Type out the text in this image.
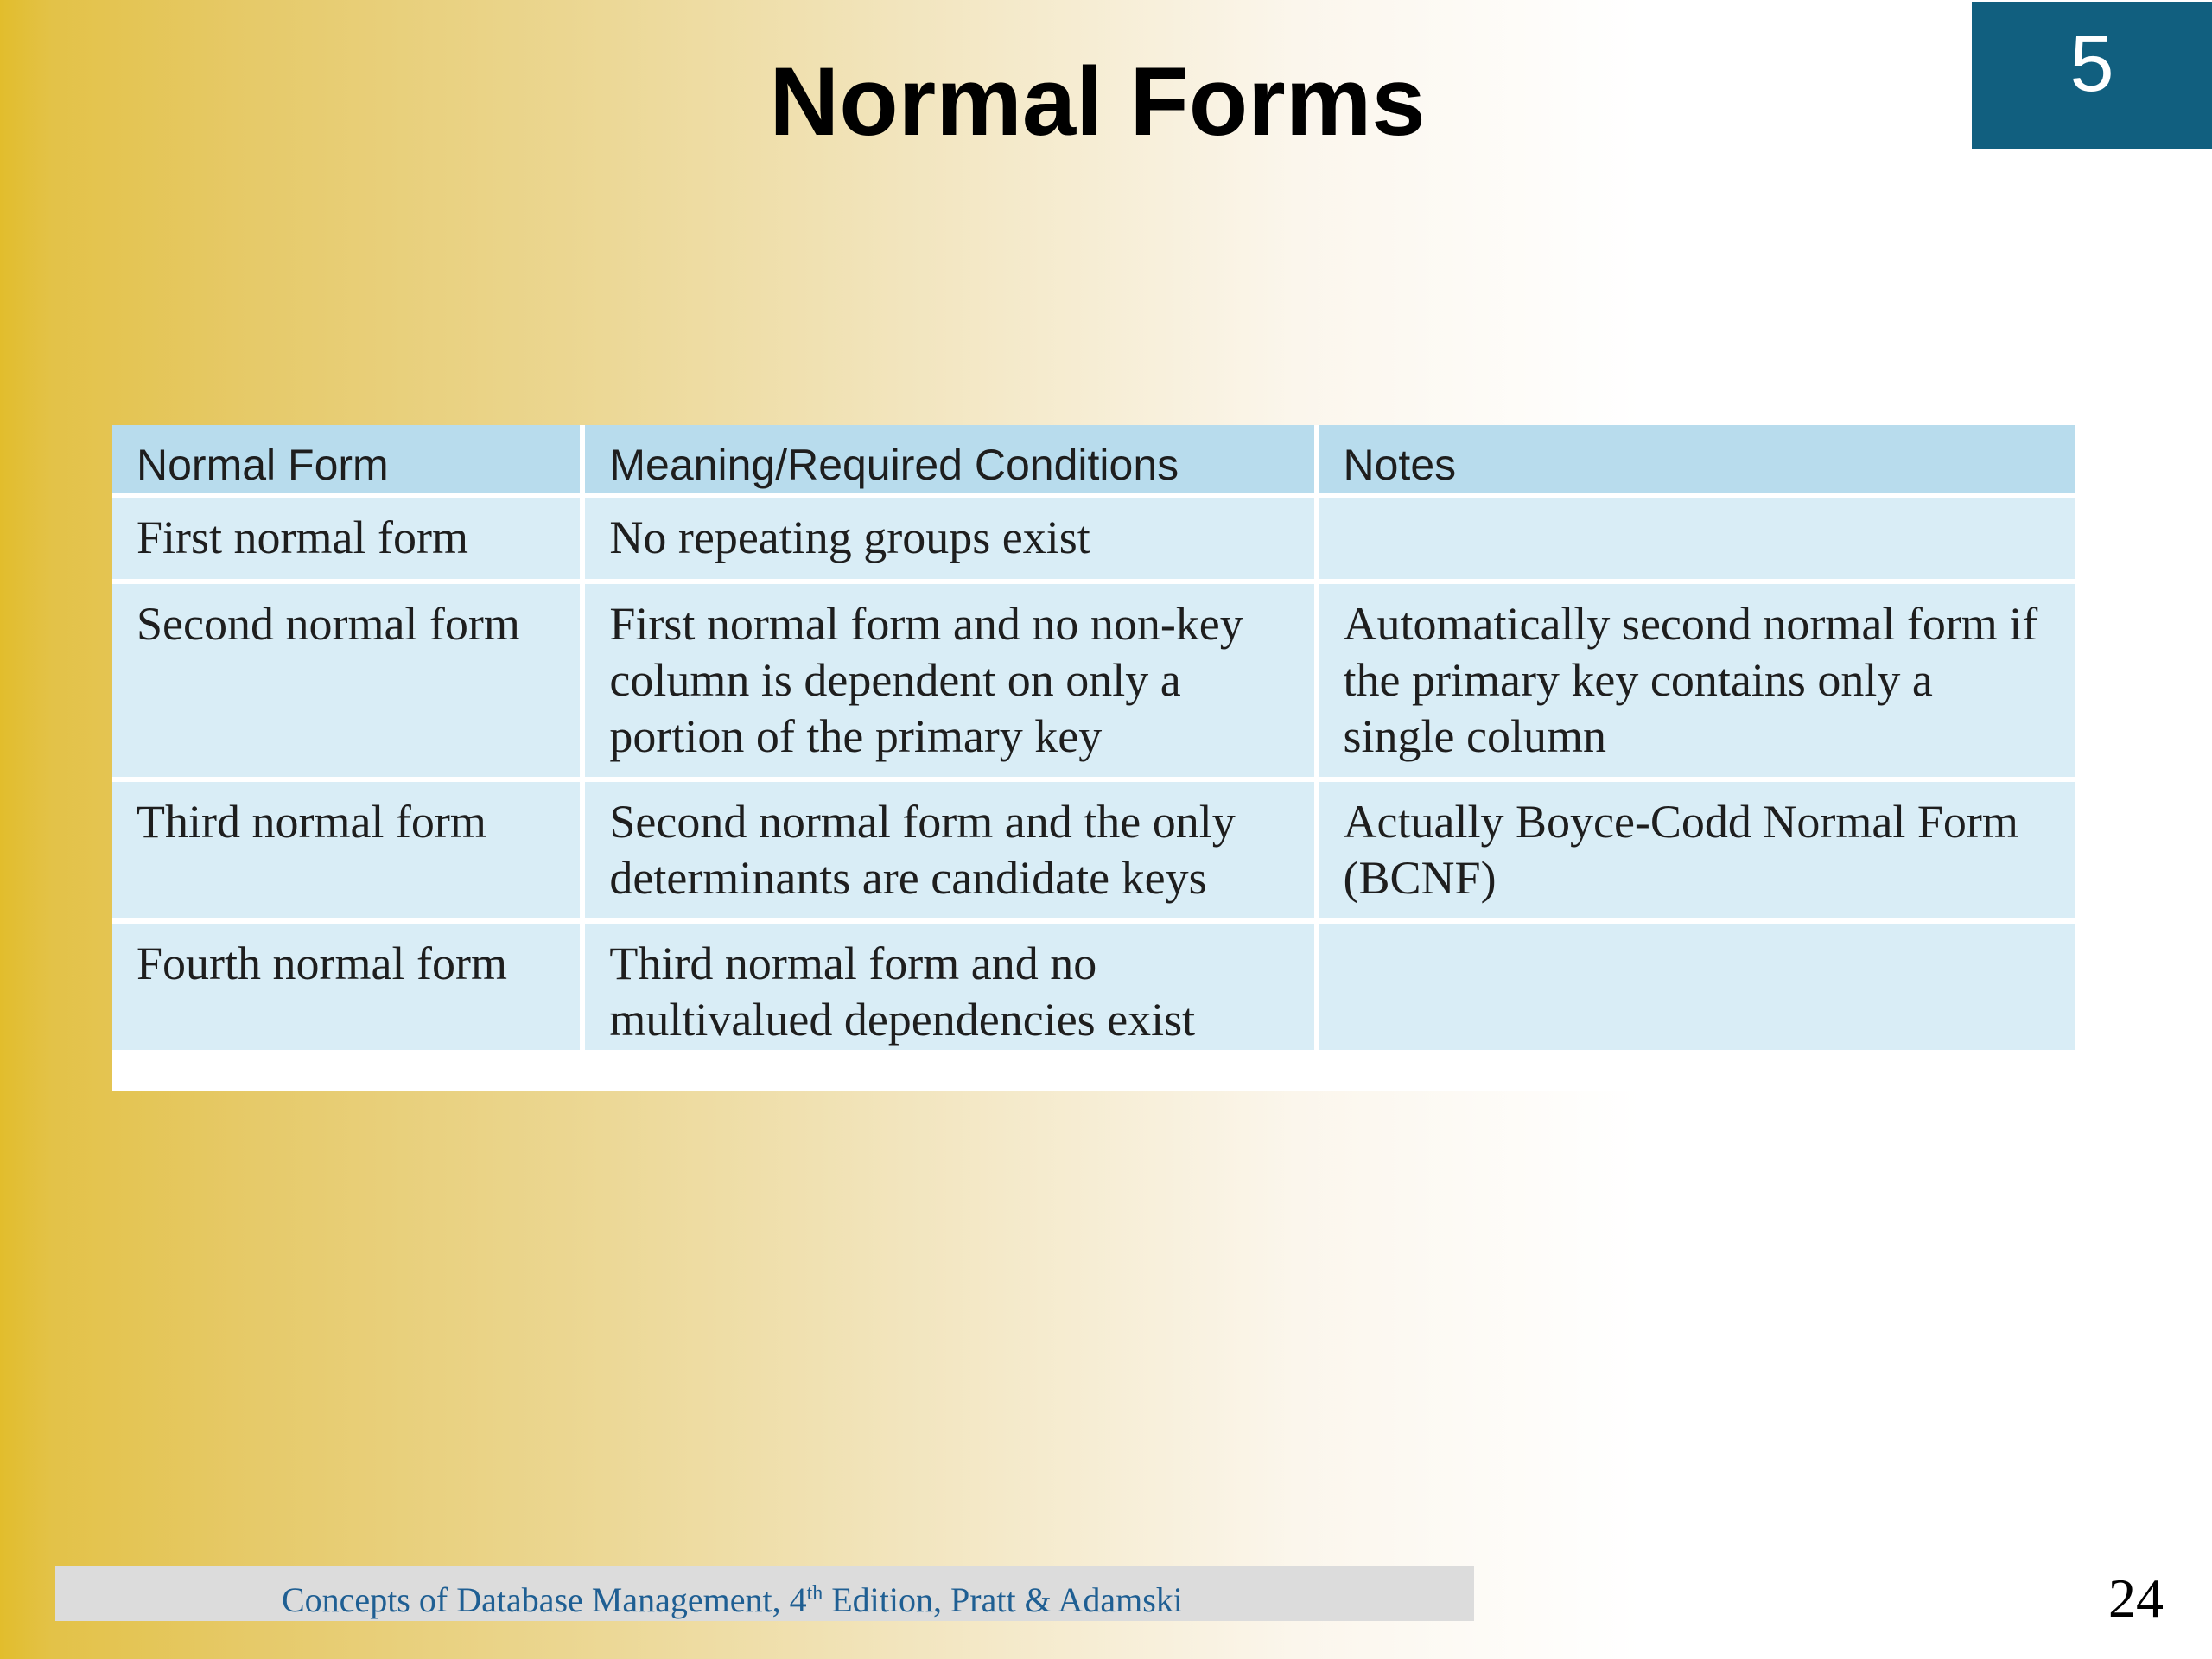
Normal Forms	5
Normal Form	Meaning/Required Conditions	Notes
First normal form	No repeating groups exist	
Second normal form	First normal form and no non-key column is dependent on only a portion of the primary key	Automatically second normal form if the primary key contains only a single column
Third normal form	Second normal form and the only determinants are candidate keys	Actually Boyce-Codd Normal Form (BCNF)
Fourth normal form	Third normal form and no multivalued dependencies exist	
Concepts of Database Management, 4th Edition, Pratt & Adamski	24
